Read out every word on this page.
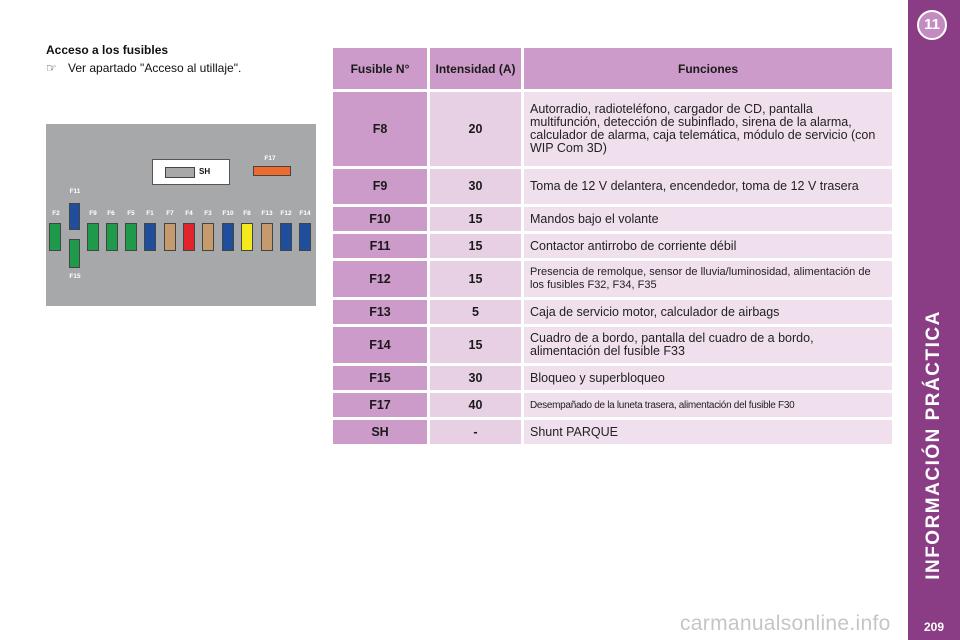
Acceso a los fusibles
☞ Ver apartado "Acceso al utillaje".
SH
F17
F11
F2	F9	F6	F5	F1	F7	F4	F3	F10	F8	F13	F12	F14
F15
Fusible N°	Intensidad (A)	Funciones
F8	20	Autorradio, radioteléfono, cargador de CD, pantalla multifunción, detección de subinflado, sirena de la alarma, calculador de alarma, caja telemática, módulo de servicio (con WIP Com 3D)
F9	30	Toma de 12 V delantera, encendedor, toma de 12 V trasera
F10	15	Mandos bajo el volante
F11	15	Contactor antirrobo de corriente débil
F12	15	Presencia de remolque, sensor de lluvia/luminosidad, alimentación de los fusibles F32, F34, F35
F13	5	Caja de servicio motor, calculador de airbags
F14	15	Cuadro de a bordo, pantalla del cuadro de a bordo, alimentación del fusible F33
F15	30	Bloqueo y superbloqueo
F17	40	Desempañado de la luneta trasera, alimentación del fusible F30
SH	-	Shunt PARQUE
11
INFORMACIÓN PRÁCTICA
209
carmanualsonline.info
